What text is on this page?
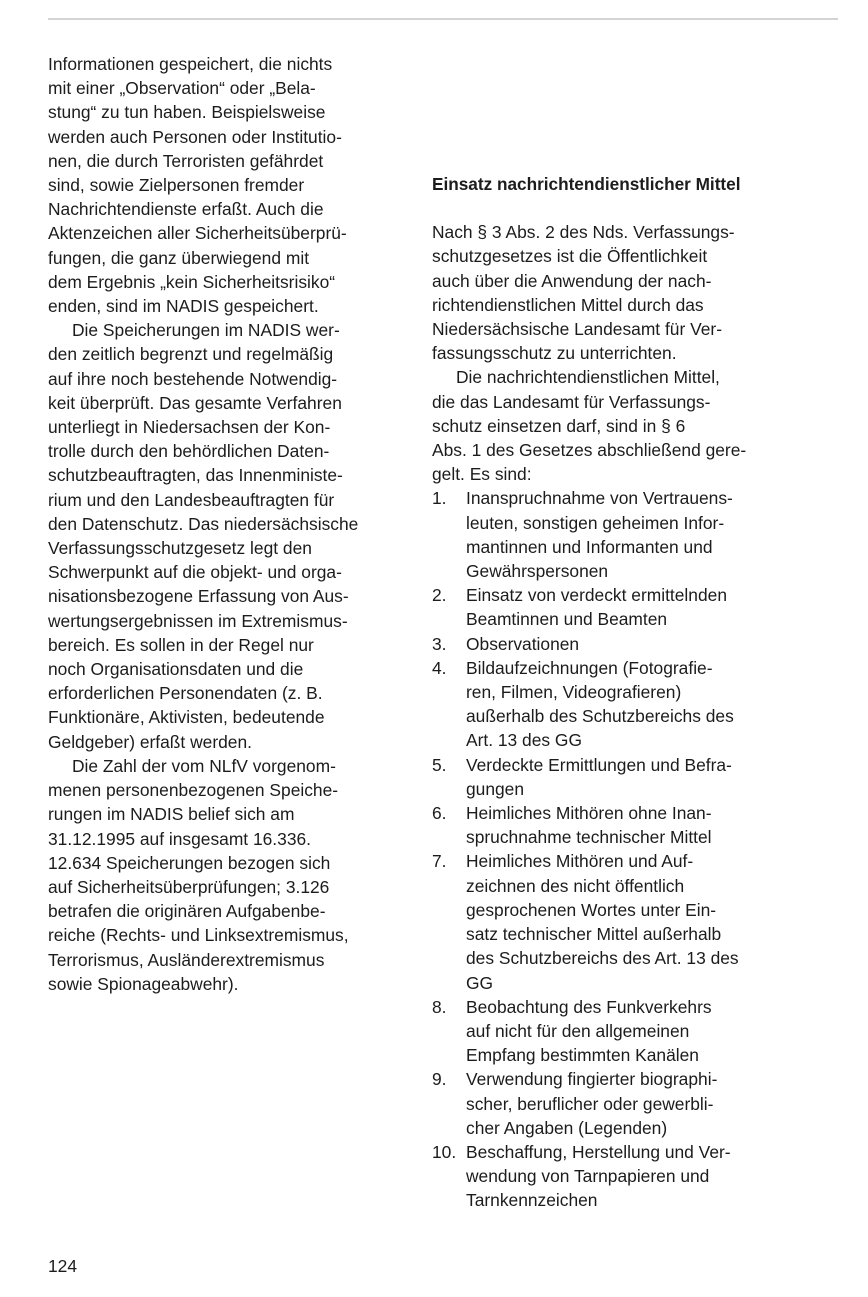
Informationen gespeichert, die nichts
mit einer „Observation“ oder „Bela-
stung“ zu tun haben. Beispielsweise
werden auch Personen oder Institutio-
nen, die durch Terroristen gefährdet
sind, sowie Zielpersonen fremder
Nachrichtendienste erfaßt. Auch die
Aktenzeichen aller Sicherheitsüberprü-
fungen, die ganz überwiegend mit
dem Ergebnis „kein Sicherheitsrisiko“
enden, sind im NADIS gespeichert.
Die Speicherungen im NADIS wer-
den zeitlich begrenzt und regelmäßig
auf ihre noch bestehende Notwendig-
keit überprüft. Das gesamte Verfahren
unterliegt in Niedersachsen der Kon-
trolle durch den behördlichen Daten-
schutzbeauftragten, das Innenministe-
rium und den Landesbeauftragten für
den Datenschutz. Das niedersächsische
Verfassungsschutzgesetz legt den
Schwerpunkt auf die objekt- und orga-
nisationsbezogene Erfassung von Aus-
wertungsergebnissen im Extremismus-
bereich. Es sollen in der Regel nur
noch Organisationsdaten und die
erforderlichen Personendaten (z. B.
Funktionäre, Aktivisten, bedeutende
Geldgeber) erfaßt werden.
Die Zahl der vom NLfV vorgenom-
menen personenbezogenen Speiche-
rungen im NADIS belief sich am
31.12.1995 auf insgesamt 16.336.
12.634 Speicherungen bezogen sich
auf Sicherheitsüberprüfungen; 3.126
betrafen die originären Aufgabenbe-
reiche (Rechts- und Linksextremismus,
Terrorismus, Ausländerextremismus
sowie Spionageabwehr).

Einsatz nachrichtendienstlicher Mittel

Nach § 3 Abs. 2 des Nds. Verfassungs-
schutzgesetzes ist die Öffentlichkeit
auch über die Anwendung der nach-
richtendienstlichen Mittel durch das
Niedersächsische Landesamt für Ver-
fassungsschutz zu unterrichten.
Die nachrichtendienstlichen Mittel,
die das Landesamt für Verfassungs-
schutz einsetzen darf, sind in § 6
Abs. 1 des Gesetzes abschließend gere-
gelt. Es sind:
1.	Inanspruchnahme von Vertrauens-
leuten, sonstigen geheimen Infor-
mantinnen und Informanten und
Gewährspersonen
2.	Einsatz von verdeckt ermittelnden
Beamtinnen und Beamten
3.	Observationen
4.	Bildaufzeichnungen (Fotografie-
ren, Filmen, Videografieren)
außerhalb des Schutzbereichs des
Art. 13 des GG
5.	Verdeckte Ermittlungen und Befra-
gungen
6.	Heimliches Mithören ohne Inan-
spruchnahme technischer Mittel
7.	Heimliches Mithören und Auf-
zeichnen des nicht öffentlich
gesprochenen Wortes unter Ein-
satz technischer Mittel außerhalb
des Schutzbereichs des Art. 13 des
GG
8.	Beobachtung des Funkverkehrs
auf nicht für den allgemeinen
Empfang bestimmten Kanälen
9.	Verwendung fingierter biographi-
scher, beruflicher oder gewerbli-
cher Angaben (Legenden)
10. Beschaffung, Herstellung und Ver-
wendung von Tarnpapieren und
Tarnkennzeichen
124
